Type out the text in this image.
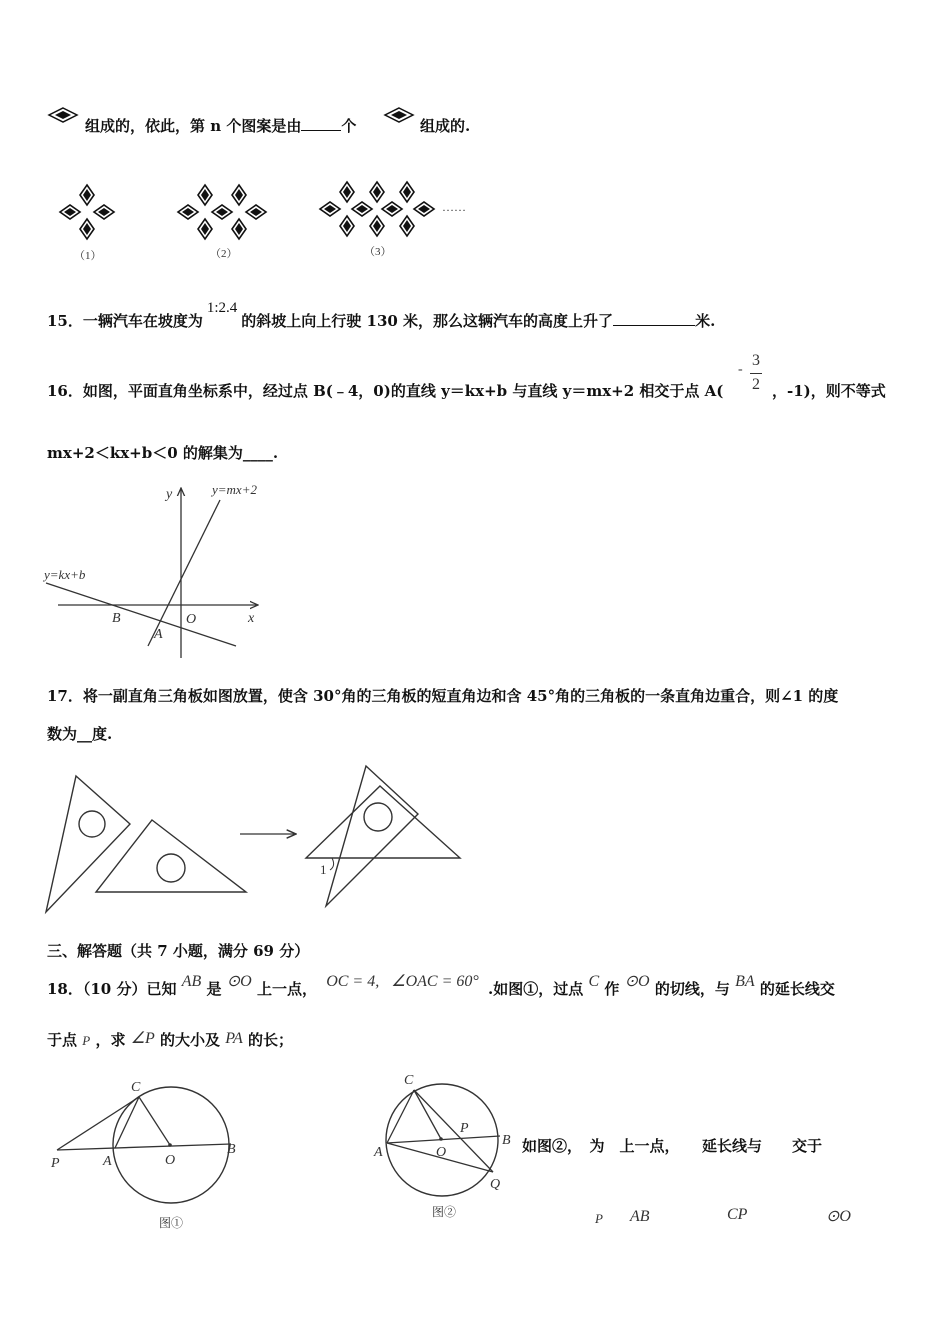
组成的，依此，第 n 个图案是由	个	组成的.
……
（1）	（2）	（3）
15．一辆汽车在坡度为1:2.4的斜坡上向上行驶 130 米，那么这辆汽车的高度上升了	米.
16．如图，平面直角坐标系中，经过点 B(﹣4，0)的直线 y＝kx+b 与直线 y＝mx+2 相交于点 A(
-
3
2 ，-1)，则不等式
mx+2＜kx+b＜0 的解集为____.
y=mx+2
y=kx+b
y
x
B	O
A
17．将一副直角三角板如图放置，使含 30°角的三角板的短直角边和含 45°角的三角板的一条直角边重合，则∠1 的度
数为__度.
1
三、解答题（共 7 小题，满分 69 分）
18．（10 分）已知 AB 是 ⊙O 上一点， OC = 4,   ∠OAC = 60° .如图①，过点 C 作 ⊙O 的切线，与 BA 的延长线交
于点 P ，求 ∠P 的大小及 PA 的长；
C
P	A	O
B
图①
C
P
A	O
B
Q
图②
如图②，　为　上一点，　　延长线与　　交于
P AB	CP	⊙O
